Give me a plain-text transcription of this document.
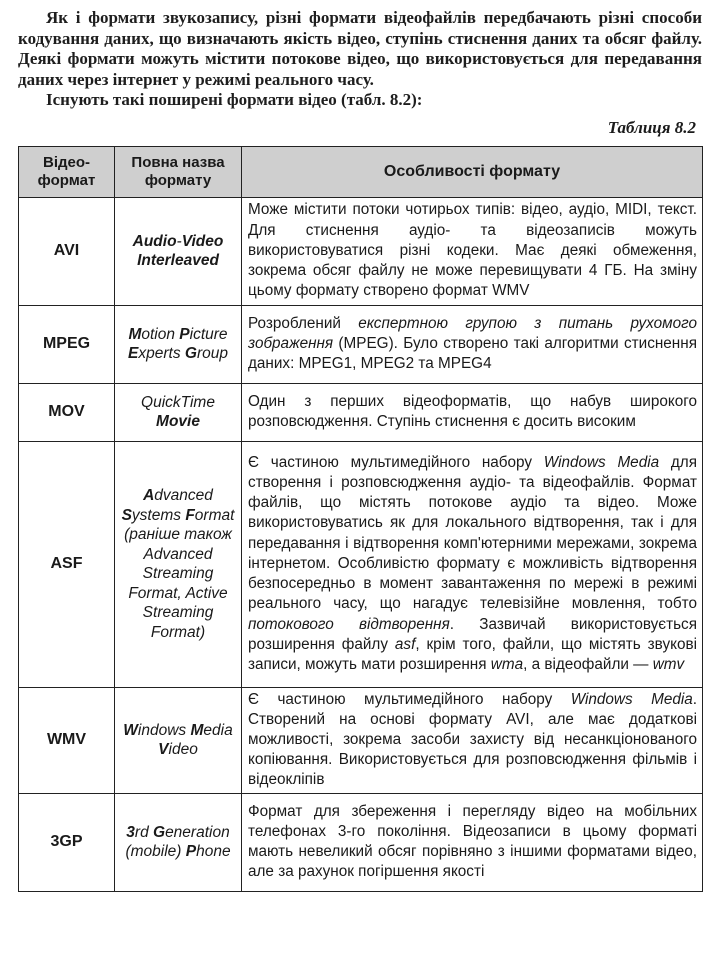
Як і формати звукозапису, різні формати відеофайлів передбачають різні способи кодування даних, що визначають якість відео, ступінь стиснення даних та обсяг файлу. Деякі формати можуть містити потокове відео, що використовується для передавання даних через інтернет у режимі реального часу.

Існують такі поширені формати відео (табл. 8.2):

Таблиця 8.2
Відео-формат	Повна назва формату	Особливості формату
AVI	Audio-Video Interleaved	Може містити потоки чотирьох типів: відео, аудіо, MIDI, текст. Для стиснення аудіо- та відеозаписів можуть використовуватися різні кодеки. Має деякі обмеження, зокрема обсяг файлу не може перевищувати 4 ГБ. На зміну цьому формату створено формат WMV
MPEG	Motion Picture Experts Group	Розроблений експертною групою з питань рухомого зображення (MPEG). Було створено такі алгоритми стиснення даних: MPEG1, MPEG2 та MPEG4
MOV	QuickTime Movie	Один з перших відеоформатів, що набув широкого розповсюдження. Ступінь стиснення є досить високим
ASF	Advanced Systems Format (раніше також Advanced Streaming Format, Active Streaming Format)	Є частиною мультимедійного набору Windows Media для створення і розповсюдження аудіо- та відеофайлів. Формат файлів, що містять потокове аудіо та відео. Може використовуватись як для локального відтворення, так і для передавання і відтворення комп'ютерними мережами, зокрема інтернетом. Особливістю формату є можливість відтворення безпосередньо в момент завантаження по мережі в режимі реального часу, що нагадує телевізійне мовлення, тобто потокового відтворення. Зазвичай використовується розширення файлу asf, крім того, файли, що містять звукові записи, можуть мати розширення wma, а відеофайли — wmv
WMV	Windows Media Video	Є частиною мультимедійного набору Windows Media. Створений на основі формату AVI, але має додаткові можливості, зокрема засоби захисту від несанкціонованого копіювання. Використовується для розповсюдження фільмів і відеокліпів
3GP	3rd Generation (mobile) Phone	Формат для збереження і перегляду відео на мобільних телефонах 3-го покоління. Відеозаписи в цьому форматі мають невеликий обсяг порівняно з іншими форматами відео, але за рахунок погіршення якості
